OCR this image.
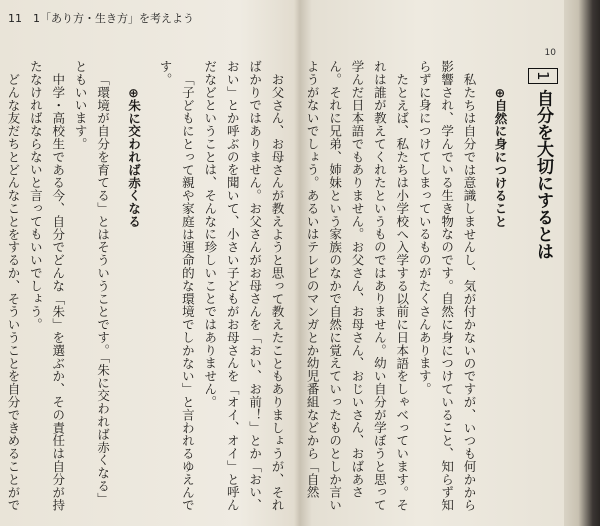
11　1「あり方・生き方」を考えよう

お父さん、お母さんが教えようと思って教えたこともありましょうが、そればかりではありません。お父さんがお母さんを「おい、お前！」とか「おい、おい」とか呼ぶのを聞いて、小さい子どもがお母さんを「オイ、オイ」と呼んだなどということは、そんなに珍しいことではありません。

「子どもにとって親や家庭は運命的な環境でしかない」と言われるゆえんです。

⊕朱に交われば赤くなる

「環境が自分を育てる」とはそういうことです。「朱に交われば赤くなる」ともいいます。

中学・高校生である今、自分でどんな「朱」を選ぶか、その責任は自分が持たなければならないと言ってもいいでしょう。

どんな友だちとどんなことをするか、そういうことを自分できめることがで

10
1自分を大切にするとは
⊕自然に身につけること

私たちは自分では意識しませんし、気が付かないのですが、いつも何かから影響され、学んでいる生き物なのです。自然に身につけていること、知らず知らずに身につけてしまっているものがたくさんあります。

たとえば、私たちは小学校へ入学する以前に日本語をしゃべっています。それは誰が教えてくれたというものではありません。幼い自分が学ぼうと思って学んだ日本語でもありません。お父さん、お母さん、おじいさん、おばあさん。それに兄弟、姉妹という家族のなかで自然に覚えていったものとしか言いようがないでしょう。あるいはテレビのマンガとか幼児番組などから「自然
